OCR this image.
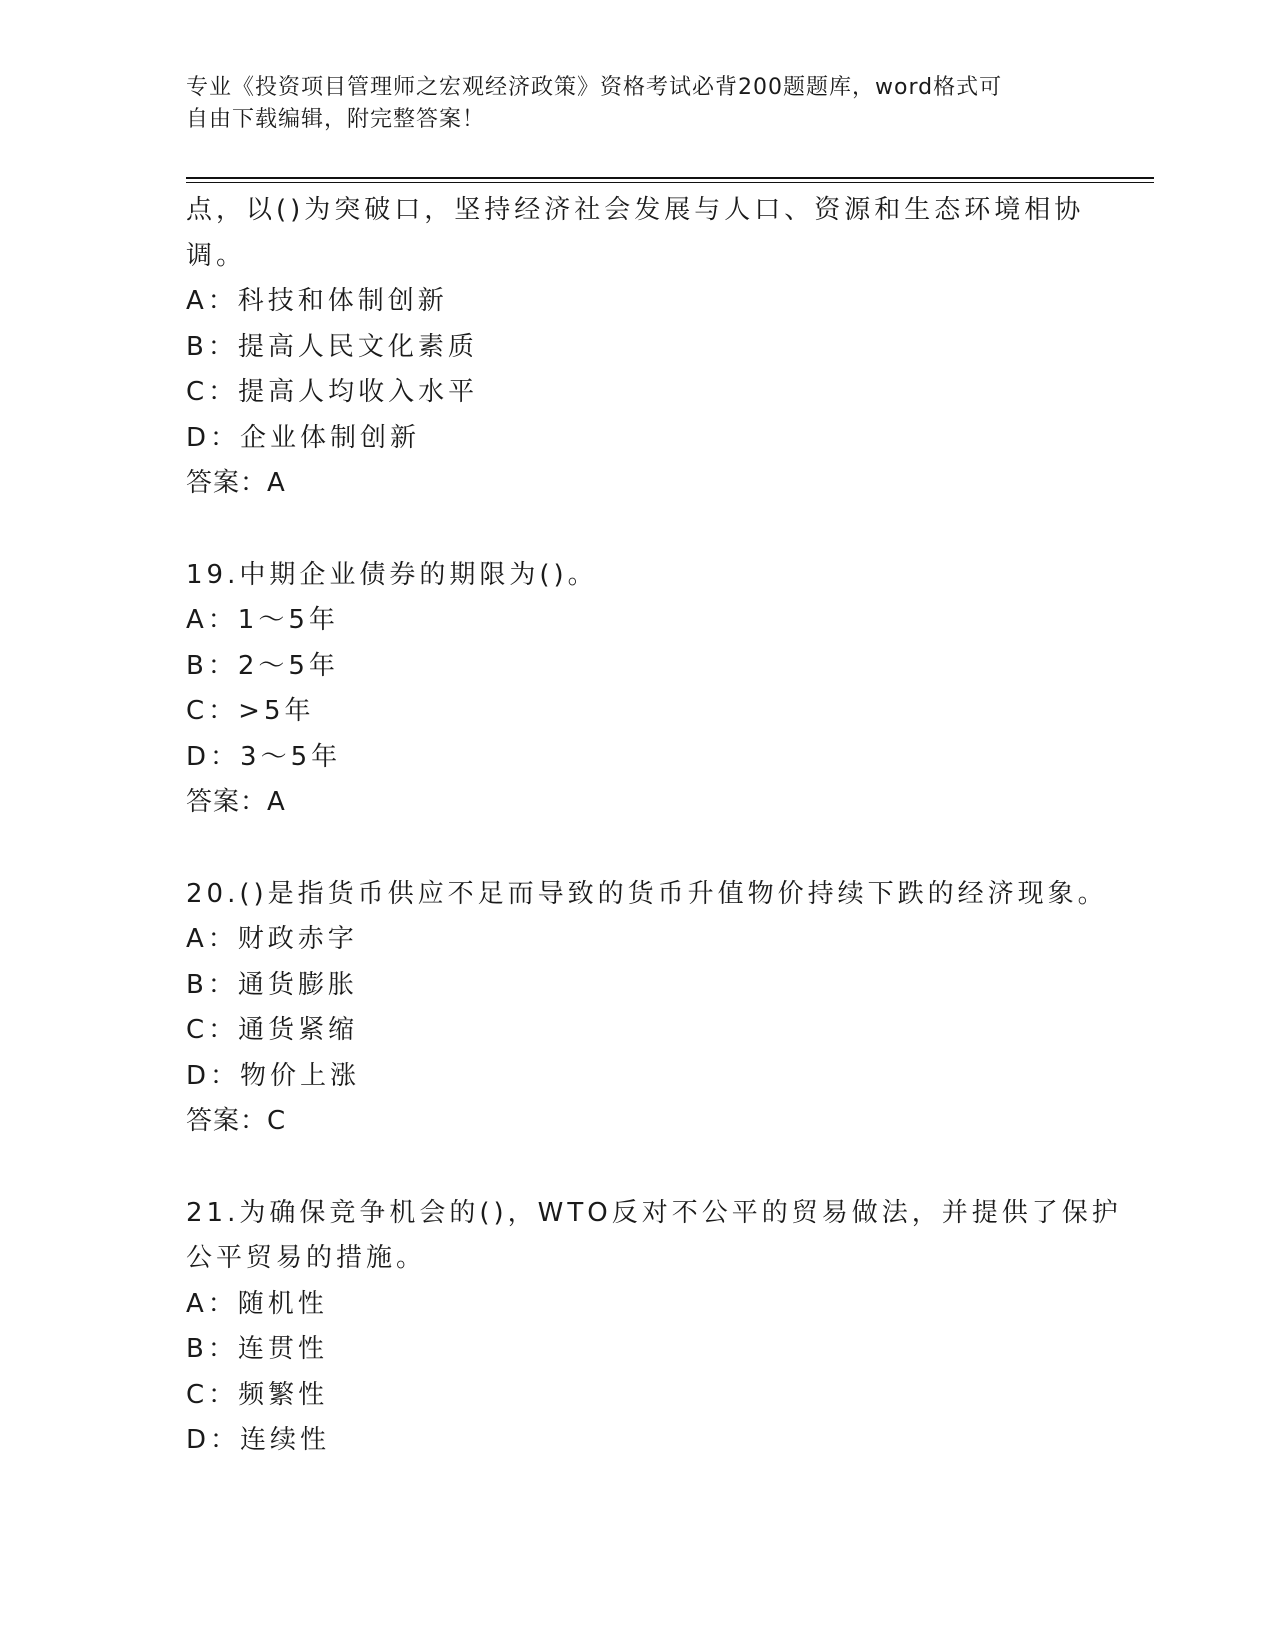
专业《投资项目管理师之宏观经济政策》资格考试必背200题题库，word格式可
自由下载编辑，附完整答案！
点，以()为突破口，坚持经济社会发展与人口、资源和生态环境相协
调。
A：科技和体制创新
B：提高人民文化素质
C：提高人均收入水平
D：企业体制创新
答案：A
19.中期企业债券的期限为()。
A：1～5年
B：2～5年
C：>5年
D：3～5年
答案：A
20.()是指货币供应不足而导致的货币升值物价持续下跌的经济现象。
A：财政赤字
B：通货膨胀
C：通货紧缩
D：物价上涨
答案：C
21.为确保竞争机会的()，WTO反对不公平的贸易做法，并提供了保护
公平贸易的措施。
A：随机性
B：连贯性
C：频繁性
D：连续性
